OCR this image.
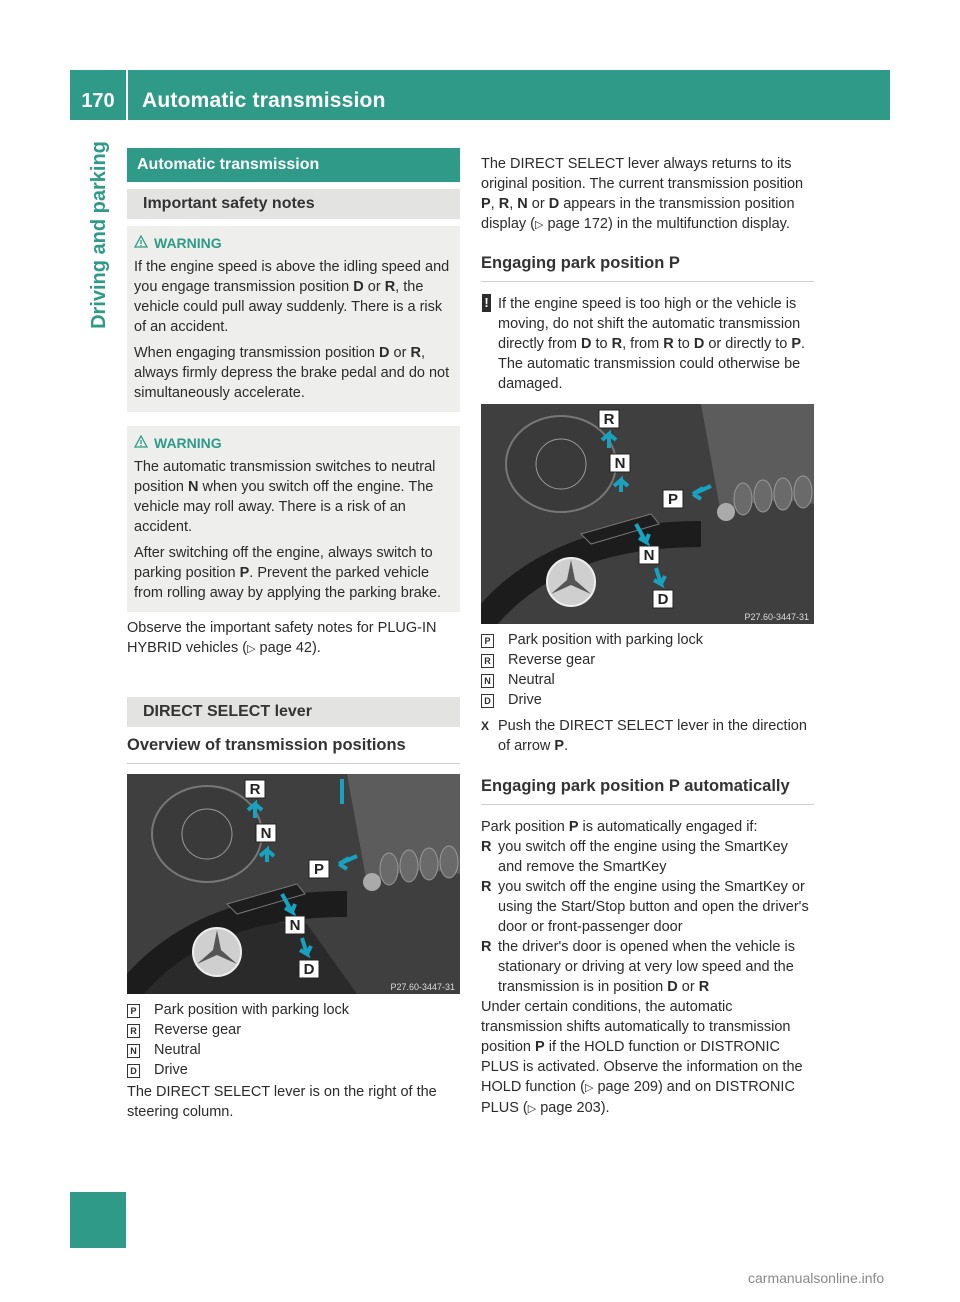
170	Automatic transmission
Driving and parking	Automatic transmission
Important safety notes
WARNING

If the engine speed is above the idling speed and you engage transmission position D or R, the vehicle could pull away suddenly. There is a risk of an accident.

When engaging transmission position D or R, always firmly depress the brake pedal and do not simultaneously accelerate.

WARNING

The automatic transmission switches to neutral position N when you switch off the engine. The vehicle may roll away. There is a risk of an accident.

After switching off the engine, always switch to parking position P. Prevent the parked vehicle from rolling away by applying the parking brake.

Observe the important safety notes for PLUG-IN HYBRID vehicles (▷ page 42).

DIRECT SELECT lever
Overview of transmission positions
R
N
P
N
D
P27.60-3447-31
P Park position with parking lock
R Reverse gear
N Neutral
D Drive

The DIRECT SELECT lever is on the right of the steering column.

The DIRECT SELECT lever always returns to its original position. The current transmission position P, R, N or D appears in the transmission position display (▷ page 172) in the multifunction display.

Engaging park position P
! If the engine speed is too high or the vehicle is moving, do not shift the automatic transmission directly from D to R, from R to D or directly to P. The automatic transmission could otherwise be damaged.
R
N
P
N
D
P27.60-3447-31
P Park position with parking lock
R Reverse gear
N Neutral
D Drive
X Push the DIRECT SELECT lever in the direction of arrow P.
Engaging park position P automatically

Park position P is automatically engaged if:

R you switch off the engine using the SmartKey and remove the SmartKey
R you switch off the engine using the SmartKey or using the Start/Stop button and open the driver's door or front-passenger door
R the driver's door is opened when the vehicle is stationary or driving at very low speed and the transmission is in position D or R

Under certain conditions, the automatic transmission shifts automatically to transmission position P if the HOLD function or DISTRONIC PLUS is activated. Observe the information on the HOLD function (▷ page 209) and on DISTRONIC PLUS (▷ page 203).

carmanualsonline.info
